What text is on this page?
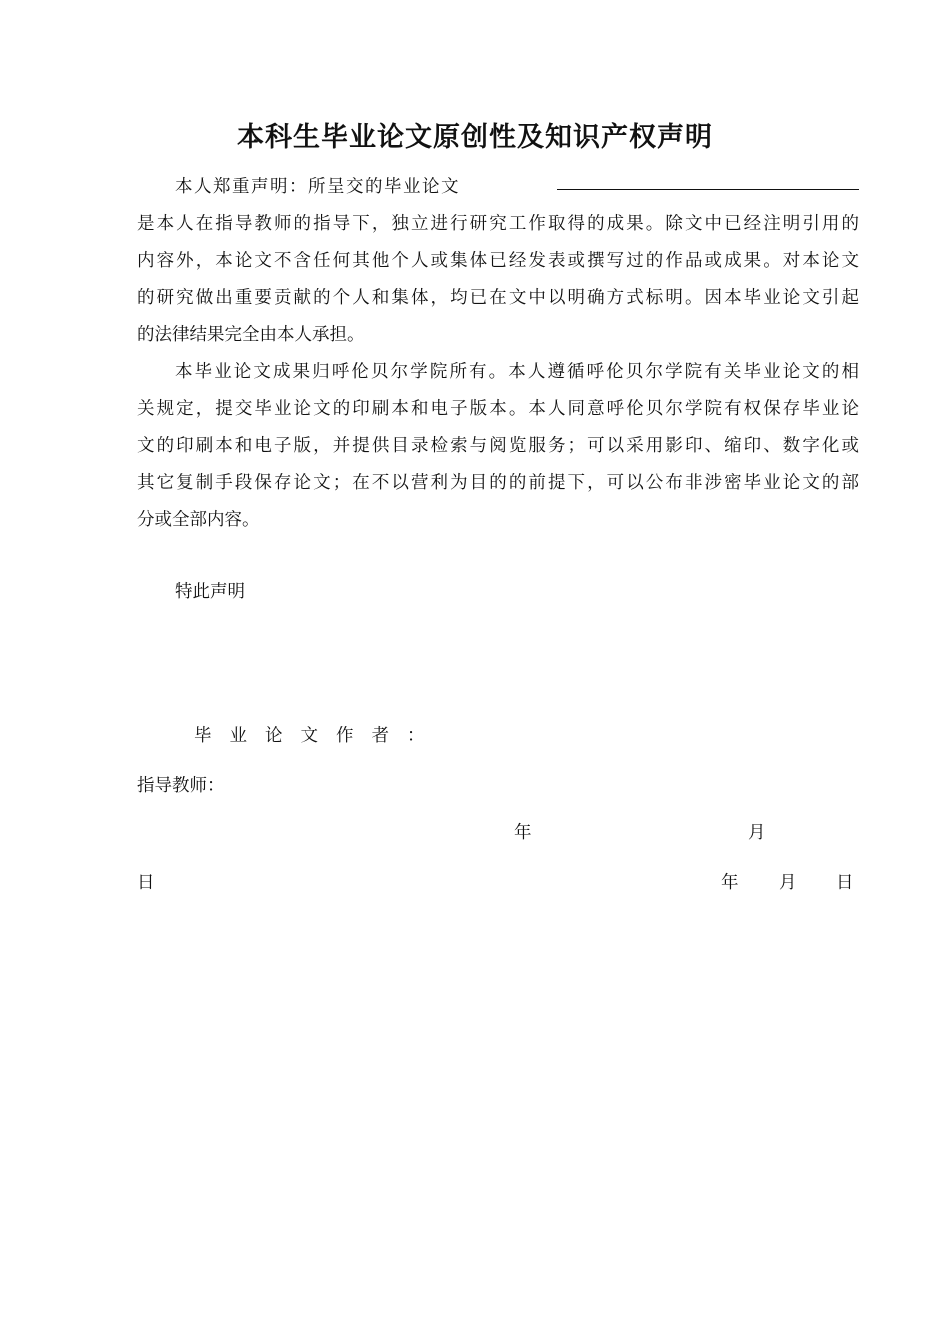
本科生毕业论文原创性及知识产权声明
本人郑重声明：所呈交的毕业论文
是本人在指导教师的指导下，独立进行研究工作取得的成果。除文中已经注明引用的
内容外，本论文不含任何其他个人或集体已经发表或撰写过的作品或成果。对本论文
的研究做出重要贡献的个人和集体，均已在文中以明确方式标明。因本毕业论文引起
的法律结果完全由本人承担。
本毕业论文成果归呼伦贝尔学院所有。本人遵循呼伦贝尔学院有关毕业论文的相
关规定，提交毕业论文的印刷本和电子版本。本人同意呼伦贝尔学院有权保存毕业论
文的印刷本和电子版，并提供目录检索与阅览服务；可以采用影印、缩印、数字化或
其它复制手段保存论文；在不以营利为目的的前提下，可以公布非涉密毕业论文的部
分或全部内容。
特此声明
毕业论文作者：
指导教师：
年	月
日	年 月 日
